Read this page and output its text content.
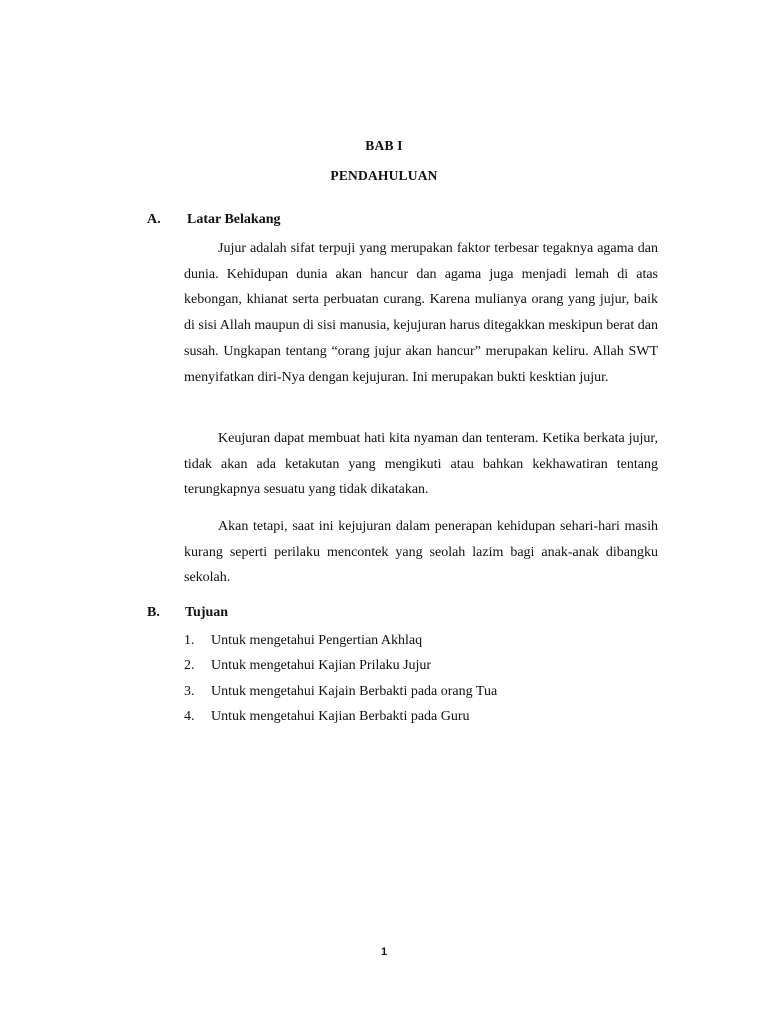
BAB I
PENDAHULUAN
A. Latar Belakang

Jujur adalah sifat terpuji yang merupakan faktor terbesar tegaknya agama dan dunia. Kehidupan dunia akan hancur dan agama juga menjadi lemah di atas kebongan, khianat serta perbuatan curang. Karena mulianya orang yang jujur, baik di sisi Allah maupun di sisi manusia, kejujuran harus ditegakkan meskipun berat dan susah. Ungkapan tentang “orang jujur akan hancur” merupakan keliru. Allah SWT menyifatkan diri-Nya dengan kejujuran. Ini merupakan bukti kesktian jujur.

Keujuran dapat membuat hati kita nyaman dan tenteram. Ketika berkata jujur, tidak akan ada ketakutan yang mengikuti atau bahkan kekhawatiran tentang terungkapnya sesuatu yang tidak dikatakan.

Akan tetapi, saat ini kejujuran dalam penerapan kehidupan sehari-hari masih kurang seperti perilaku mencontek yang seolah lazim bagi anak-anak dibangku sekolah.

B. Tujuan
1. Untuk mengetahui Pengertian Akhlaq
2. Untuk mengetahui Kajian Prilaku Jujur
3. Untuk mengetahui Kajain Berbakti pada orang Tua
4. Untuk mengetahui Kajian Berbakti pada Guru
1
